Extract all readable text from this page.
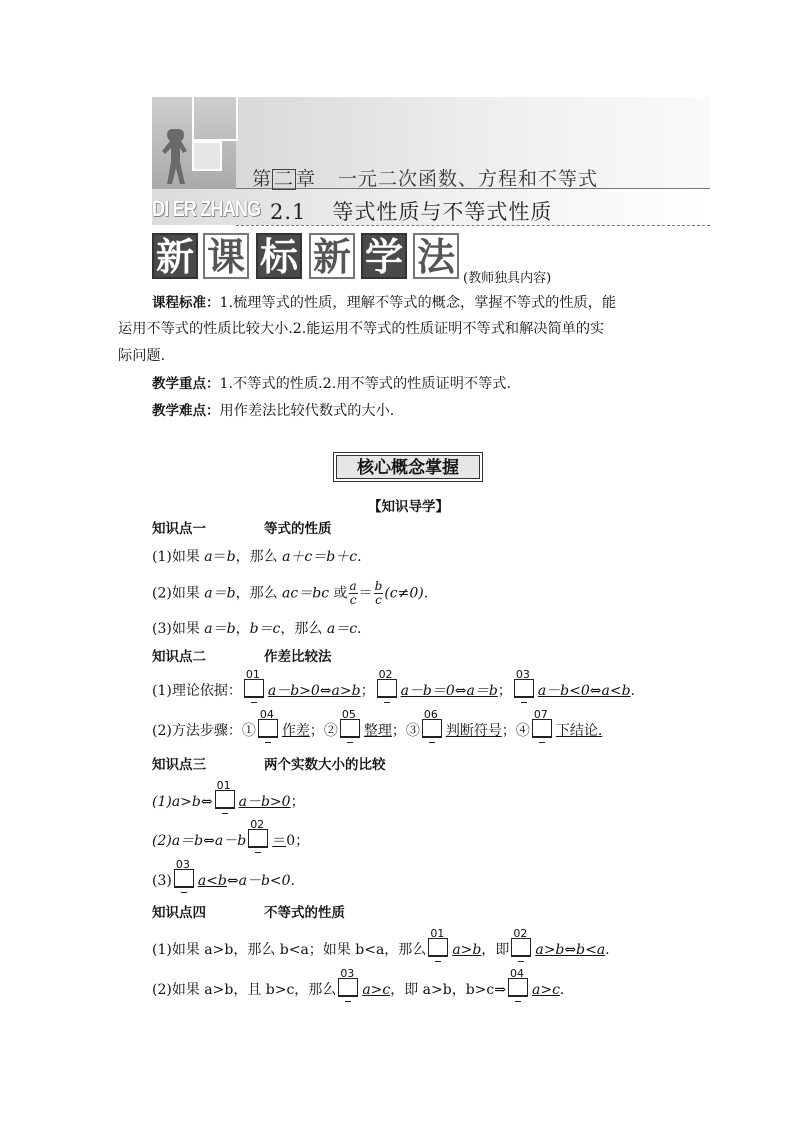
第 二 章 一元二次函数、方程和不等式
DI ER ZHANG 2.1 等式性质与不等式性质
新 课 标 新 学 法 (教师独具内容)
课程标准：1.梳理等式的性质，理解不等式的概念，掌握不等式的性质，能
运用不等式的性质比较大小.2.能运用不等式的性质证明不等式和解决简单的实
际问题.
教学重点：1.不等式的性质.2.用不等式的性质证明不等式.
教学难点：用作差法比较代数式的大小.
核心概念掌握
【知识导学】
知识点一	等式的性质
(1)如果 a＝b，那么 a＋c＝b＋c.
(2)如果 a＝b，那么 ac＝bc 或 $\frac{a}{c} = \frac{b}{c} (c\ne 0)$.
(3)如果 a＝b，b＝c，那么 a＝c.
知识点二	作差比较法
(1)理论依据：
01
a－b>0⇔a>b；
02
a－b＝0⇔a＝b；
03
a－b<0⇔a<b.
(2)方法步骤：①
04
作差；②
05
整理；③
06
判断符号；④
07
下结论.
知识点三	两个实数大小的比较
(1)a>b⇔
01
a－b>0；
(2)a＝b⇔a－b
02
＝0；
(3)
03
a<b⇔a－b<0.
知识点四	不等式的性质
(1)如果 a>b，那么 b<a；如果 b<a，那么
01
a>b，即
02
a>b⇔b<a.
(2)如果 a>b，且 b>c，那么
03
a>c，即 a>b，b>c⇒
04
a>c.
